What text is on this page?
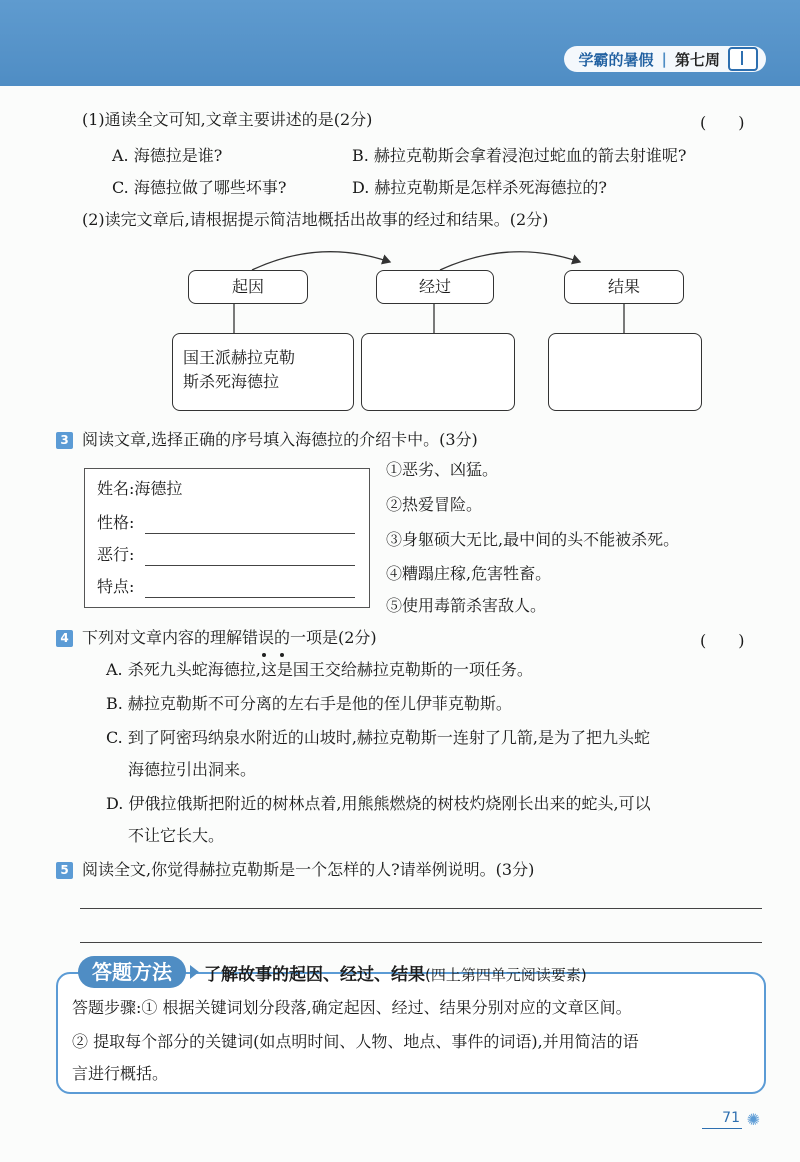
学霸的暑假 | 第七周
(1)通读全文可知,文章主要讲述的是(2分)	(　　)
A. 海德拉是谁?	B. 赫拉克勒斯会拿着浸泡过蛇血的箭去射谁呢?
C. 海德拉做了哪些坏事?	D. 赫拉克勒斯是怎样杀死海德拉的?
(2)读完文章后,请根据提示简洁地概括出故事的经过和结果。(2分)
起因	经过	结果
国王派赫拉克勒
斯杀死海德拉
3 阅读文章,选择正确的序号填入海德拉的介绍卡中。(3分)
姓名:海德拉
性格:
恶行:
特点:
①恶劣、凶猛。
②热爱冒险。
③身躯硕大无比,最中间的头不能被杀死。
④糟蹋庄稼,危害牲畜。
⑤使用毒箭杀害敌人。
4 下列对文章内容的理解错误的一项是(2分)	(　　)
A. 杀死九头蛇海德拉,这是国王交给赫拉克勒斯的一项任务。
B. 赫拉克勒斯不可分离的左右手是他的侄儿伊菲克勒斯。
C. 到了阿密玛纳泉水附近的山坡时,赫拉克勒斯一连射了几箭,是为了把九头蛇
海德拉引出洞来。
D. 伊俄拉俄斯把附近的树林点着,用熊熊燃烧的树枝灼烧刚长出来的蛇头,可以
不让它长大。
5 阅读全文,你觉得赫拉克勒斯是一个怎样的人?请举例说明。(3分)
答题步骤:① 根据关键词划分段落,确定起因、经过、结果分别对应的文章区间。
② 提取每个部分的关键词(如点明时间、人物、地点、事件的词语),并用简洁的语
言进行概括。
答题方法	了解故事的起因、经过、结果(四上第四单元阅读要素)
71 ✺
